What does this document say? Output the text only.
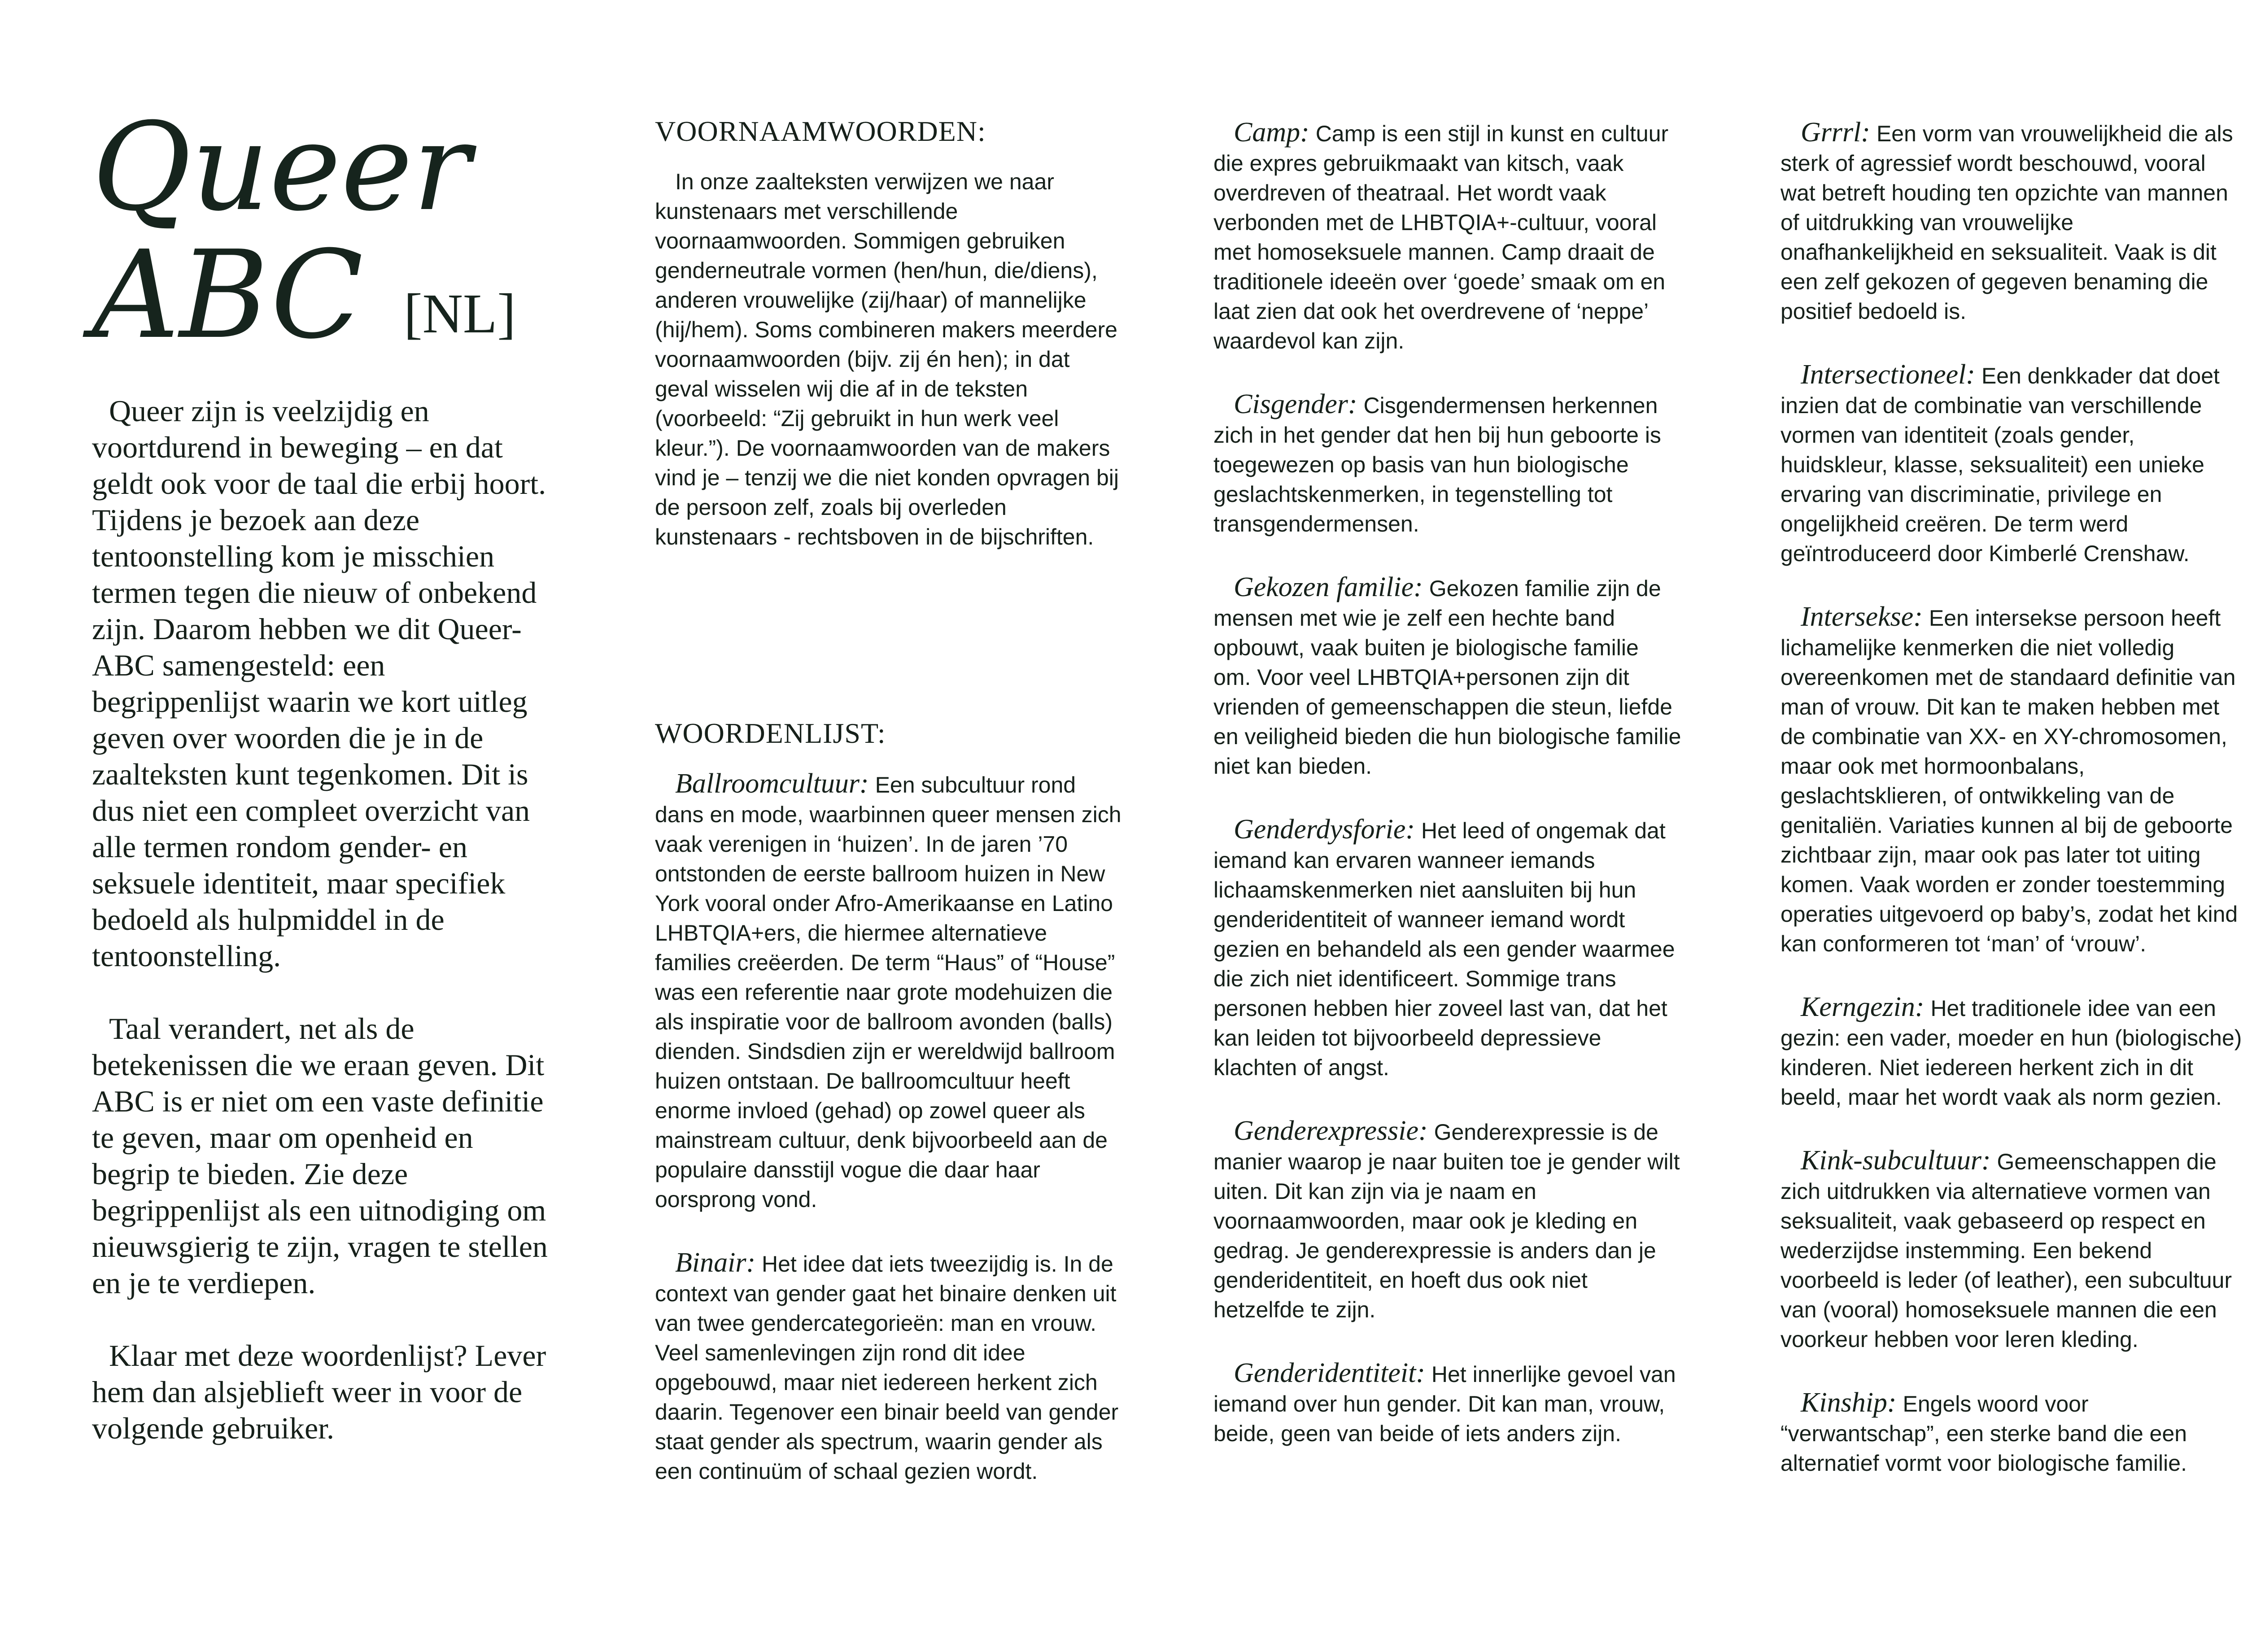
Queer
ABC [NL]

Queer zijn is veelzijdig en voortdurend in beweging – en dat geldt ook voor de taal die erbij hoort. Tijdens je bezoek aan deze tentoonstelling kom je misschien termen tegen die nieuw of onbekend zijn. Daarom hebben we dit Queer-ABC samengesteld: een begrippenlijst waarin we kort uitleg geven over woorden die je in de zaalteksten kunt tegenkomen. Dit is dus niet een compleet overzicht van alle termen rondom gender- en seksuele identiteit, maar specifiek bedoeld als hulpmiddel in de tentoonstelling.

Taal verandert, net als de betekenissen die we eraan geven. Dit ABC is er niet om een vaste definitie te geven, maar om openheid en begrip te bieden. Zie deze begrippenlijst als een uitnodiging om nieuwsgierig te zijn, vragen te stellen en je te verdiepen.

Klaar met deze woordenlijst? Lever hem dan alsjeblieft weer in voor de volgende gebruiker.

VOORNAAMWOORDEN:

In onze zaalteksten verwijzen we naar kunstenaars met verschillende voornaamwoorden. Sommigen gebruiken genderneutrale vormen (hen/hun, die/diens), anderen vrouwelijke (zij/haar) of mannelijke (hij/hem). Soms combineren makers meerdere voornaamwoorden (bijv. zij én hen); in dat geval wisselen wij die af in de teksten (voorbeeld: “Zij gebruikt in hun werk veel kleur.”). De voornaamwoorden van de makers vind je – tenzij we die niet konden opvragen bij de persoon zelf, zoals bij overleden kunstenaars - rechtsboven in de bijschriften.

WOORDENLIJST:

Ballroomcultuur: Een subcultuur rond dans en mode, waarbinnen queer mensen zich vaak verenigen in ‘huizen’. In de jaren ’70 ontstonden de eerste ballroom huizen in New York vooral onder Afro-Amerikaanse en Latino LHBTQIA+ers, die hiermee alternatieve families creëerden. De term “Haus” of “House” was een referentie naar grote modehuizen die als inspiratie voor de ballroom avonden (balls) dienden. Sindsdien zijn er wereldwijd ballroom huizen ontstaan. De ballroomcultuur heeft enorme invloed (gehad) op zowel queer als mainstream cultuur, denk bijvoorbeeld aan de populaire dansstijl vogue die daar haar oorsprong vond.

Binair: Het idee dat iets tweezijdig is. In de context van gender gaat het binaire denken uit van twee gendercategorieën: man en vrouw. Veel samenlevingen zijn rond dit idee opgebouwd, maar niet iedereen herkent zich daarin. Tegenover een binair beeld van gender staat gender als spectrum, waarin gender als een continuüm of schaal gezien wordt.

Camp: Camp is een stijl in kunst en cultuur die expres gebruikmaakt van kitsch, vaak overdreven of theatraal. Het wordt vaak verbonden met de LHBTQIA+-cultuur, vooral met homoseksuele mannen. Camp draait de traditionele ideeën over ‘goede’ smaak om en laat zien dat ook het overdrevene of ‘neppe’ waardevol kan zijn.

Cisgender: Cisgendermensen herkennen zich in het gender dat hen bij hun geboorte is toegewezen op basis van hun biologische geslachtskenmerken, in tegenstelling tot transgendermensen.

Gekozen familie: Gekozen familie zijn de mensen met wie je zelf een hechte band opbouwt, vaak buiten je biologische familie om. Voor veel LHBTQIA+personen zijn dit vrienden of gemeenschappen die steun, liefde en veiligheid bieden die hun biologische familie niet kan bieden.

Genderdysforie: Het leed of ongemak dat iemand kan ervaren wanneer iemands lichaamskenmerken niet aansluiten bij hun genderidentiteit of wanneer iemand wordt gezien en behandeld als een gender waarmee die zich niet identificeert. Sommige trans personen hebben hier zoveel last van, dat het kan leiden tot bijvoorbeeld depressieve klachten of angst.

Genderexpressie: Genderexpressie is de manier waarop je naar buiten toe je gender wilt uiten. Dit kan zijn via je naam en voornaamwoorden, maar ook je kleding en gedrag. Je genderexpressie is anders dan je genderidentiteit, en hoeft dus ook niet hetzelfde te zijn.

Genderidentiteit: Het innerlijke gevoel van iemand over hun gender. Dit kan man, vrouw, beide, geen van beide of iets anders zijn.

Grrrl: Een vorm van vrouwelijkheid die als sterk of agressief wordt beschouwd, vooral wat betreft houding ten opzichte van mannen of uitdrukking van vrouwelijke onafhankelijkheid en seksualiteit. Vaak is dit een zelf gekozen of gegeven benaming die positief bedoeld is.

Intersectioneel: Een denkkader dat doet inzien dat de combinatie van verschillende vormen van identiteit (zoals gender, huidskleur, klasse, seksualiteit) een unieke ervaring van discriminatie, privilege en ongelijkheid creëren. De term werd geïntroduceerd door Kimberlé Crenshaw.

Intersekse: Een intersekse persoon heeft lichamelijke kenmerken die niet volledig overeenkomen met de standaard definitie van man of vrouw. Dit kan te maken hebben met de combinatie van XX- en XY-chromosomen, maar ook met hormoonbalans, geslachtsklieren, of ontwikkeling van de genitaliën. Variaties kunnen al bij de geboorte zichtbaar zijn, maar ook pas later tot uiting komen. Vaak worden er zonder toestemming operaties uitgevoerd op baby’s, zodat het kind kan conformeren tot ‘man’ of ‘vrouw’.

Kerngezin: Het traditionele idee van een gezin: een vader, moeder en hun (biologische) kinderen. Niet iedereen herkent zich in dit beeld, maar het wordt vaak als norm gezien.

Kink-subcultuur: Gemeenschappen die zich uitdrukken via alternatieve vormen van seksualiteit, vaak gebaseerd op respect en wederzijdse instemming. Een bekend voorbeeld is leder (of leather), een subcultuur van (vooral) homoseksuele mannen die een voorkeur hebben voor leren kleding.

Kinship: Engels woord voor “verwantschap”, een sterke band die een alternatief vormt voor biologische familie.
